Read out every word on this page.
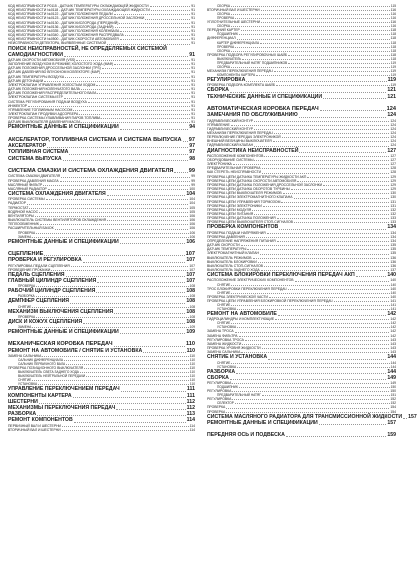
КОД НЕИСПРАВНОСТИ P0115 - ДАТЧИК ТЕМПЕРАТУРЫ ОХЛАЖДАЮЩЕЙ ЖИДКОСТИ	91
КОД НЕИСПРАВНОСТИ №0118 - ДАТЧИК ТЕМПЕРАТУРЫ ОХЛАЖДАЮЩЕЙ ЖИДКОСТИ	91
КОД НЕИСПРАВНОСТИ №0122 - ДАТЧИК ПОЛОЖЕНИЯ ПЕДАЛИ	91
КОД НЕИСПРАВНОСТИ №0123 - ДАТЧИК ПОЛОЖЕНИЯ ДРОССЕЛЬНОЙ ЗАСЛОНКИ	91
КОД НЕИСПРАВНОСТИ №0130 - ДАТЧИК КИСЛОРОДА (ПЕРЕДНИЙ)	91
КОД НЕИСПРАВНОСТИ №0136 - ДАТЧИК КИСЛОРОДА (ЗАДНИЙ)	91
КОД НЕИСПРАВНОСТИ №0335 - ДАТЧИК ПОЛОЖЕНИЯ КОЛЕНВАЛА	91
КОД НЕИСПРАВНОСТИ №0340 - ДАТЧИК ПОЛОЖЕНИЯ РАСПРЕДВАЛА	91
КОД НЕИСПРАВНОСТИ №0500 - ДАТЧИК СКОРОСТИ АВТОМОБИЛЯ	91
НЕИСПРАВНОСТИ ДЕТЕКТОРА, ВЫЯВЛЕННЫЕ СИСТЕМОЙ	91
ПОИСК НЕИСПРАВНОСТЕЙ, НЕ ОПРЕДЕЛЯЕМЫХ СИСТЕМОЙ
САМОДИАГНОСТИКИ	91
ДАТЧИК СКОРОСТИ АВТОМОБИЛЯ (VSS)	91
ЗАПОЛНЕНИЕ ВОЗДУХОМ В РЕЖИМЕ ХОЛОСТОГО ХОДА (МАФ)	91
ДАТЧИК ПОЛОЖЕНИЯ ДРОССЕЛЬНОЙ ЗАСЛОНКИ (TPS)	91
ДАТЧИК ДАВЛЕНИЯ ВО ВПУСКНОМ КОЛЛЕКТОРЕ (MAP)	91
ДАТЧИК ТЕМПЕРАТУРЫ ВОЗДУХА	91
ДАТЧИК ДЕТОНАЦИИ	91
ЭЛЕКТРОКЛАПАН УПРАВЛЕНИЯ ХОЛОСТЫМ ХОДОМ	91
ДАТЧИК ПОЛОЖЕНИЯ КОЛЕНЧАТОГО ВАЛА	91
ДАТЧИК ПОЛОЖЕНИЯ РАСПРЕДЕЛИТЕЛЬНОГО ВАЛА	91
ЭЛЕКТРОКЛАПАН СИСТЕМЫ ЕГР	91
СИСТЕМА РЕГУЛИРОВАНИЯ ПОДАЧИ ВОЗДУХА	91
ИНЖЕКТОР	91
УПРАВЛЕНИЕ ТОПЛИВНЫМ НАСОСОМ	91
ЭЛЕКТРОКЛАПАН ПРОДУВКИ АДСОРБЕРА	91
ПРОВЕРКА СИСТЕМЫ УЛАВЛИВАНИЯ ПАРОВ ТОПЛИВА	91
ДАТЧИК ВЫКЛЮЧАТЕЛЯ ДАВЛЕНИЯ МАСЛА	91
РЕМОНТНЫЕ ДАННЫЕ И СПЕЦИФИКАЦИИ	94
АКСЕЛЕРАТОР, ТОПЛИВНАЯ СИСТЕМА И СИСТЕМА ВЫПУСКА 97
АКСЕЛЕРАТОР	97
ТОПЛИВНАЯ СИСТЕМА	97
СИСТЕМА ВЫПУСКА	98
СИСТЕМА СМАЗКИ И СИСТЕМА ОХЛАЖДЕНИЯ ДВИГАТЕЛЯ	99
СИСТЕМА СМАЗКИ ДВИГАТЕЛЯ	99
ПРОВЕРКА ДАВЛЕНИЯ МАСЛА	99
МАСЛЯНЫЙ ФИЛЬТР	99
МАСЛЯНЫЙ РАДИАТОР	100
СИСТЕМА ОХЛАЖДЕНИЯ ДВИГАТЕЛЯ	104
ПРОВЕРКА СИСТЕМЫ	104
РАДИАТОР	104
ТЕРМОСТАТ	105
ВОДЯНОЙ НАСОС	105
ВЕНТИЛЯТОРЫ	106
ВЫКЛЮЧАТЕЛЬ СИСТЕМЫ ВЕНТИЛЯТОРОВ ОХЛАЖДЕНИЯ	106
ТЕПЛООБМЕННИК	106
РАСШИРИТЕЛЬНЫЙ БАЧОК	106
ПРОВЕРКА	106
ЗАМЕНА	106
РЕМОНТНЫЕ ДАННЫЕ И СПЕЦИФИКАЦИИ	106
СЦЕПЛЕНИЕ	107
ПРОВЕРКА И РЕГУЛИРОВКА	107
РЕГУЛИРОВКА ПЕДАЛИ СЦЕПЛЕНИЯ	107
ПРОВЕДЕНИЕ ПРОКАЧКИ	107
ПЕДАЛЬ СЦЕПЛЕНИЯ	107
ГЛАВНЫЙ ЦИЛИНДР СЦЕПЛЕНИЯ	107
ПРОВЕРКА	108
РАБОЧИЙ ЦИЛИНДР СЦЕПЛЕНИЯ	108
РАЗБОРКА	108
ДЕМПФЕР СЦЕПЛЕНИЯ	108
СНЯТИЕ	108
МЕХАНИЗМ ВЫКЛЮЧЕНИЯ СЦЕПЛЕНИЯ	108
ПРОВЕРКА	108
ДИСК И КОЖУХ СЦЕПЛЕНИЯ	108
ЗАМЕНА	109
РЕМОНТНЫЕ ДАННЫЕ И СПЕЦИФИКАЦИИ	109
МЕХАНИЧЕСКАЯ КОРОБКА ПЕРЕДАЧ	110
РЕМОНТ НА АВТОМОБИЛЕ / СНЯТИЕ И УСТАНОВКА	110
ЗАМЕНА САЛЬНИКА	110
САЛЬНИК ДИФФЕРЕНЦИАЛА	110
САЛЬНИК ПЕРВИЧНОГО ВАЛА	110
ПРОВЕРКА ПОЗИЦИОННОГО ВЫКЛЮЧАТЕЛЯ	110
ВЫКЛЮЧАТЕЛЬ СВЕТА ЗАДНЕГО ХОДА	110
ВЫКЛЮЧАТЕЛЬ НЕЙТРАЛЬНОЙ ПЕРЕДАЧИ	110
СНЯТИЕ	110
УСТАНОВКА	110
УПРАВЛЕНИЕ ПЕРЕКЛЮЧЕНИЕМ ПЕРЕДАЧ	111
КОМПОНЕНТЫ КАРТЕРА	111
ШЕСТЕРНИ	112
МЕХАНИЗМЫ ПЕРЕКЛЮЧЕНИЯ ПЕРЕДАЧ	112
РАЗБОРКА	113
РЕМОНТ КОМПОНЕНТОВ	114
ПЕРВИЧНЫЙ ВАЛ И ШЕСТЕРНИ	114
ВТОРИЧНЫЙ ВАЛ И ШЕСТЕРНИ	114
СБОРКА	115
ВТОРИЧНЫЙ ВАЛ И ШЕСТЕРНИ	116
СБОРКА	116
ПРОВЕРКА	116
УПЛОТНИТЕЛЬНЫЕ ШЕСТЕРНИ	116
СБОРКА	116
ПЕРЕДНИЙ КАРТЕР	118
ПОДШИПНИК	118
ДИФФЕРЕНЦИАЛ	118
КАРТЕР ДИФФЕРЕНЦИАЛА	118
ПРОВЕРКА	118
СБОРКА	118
ПРОВЕРКА ПОДБОРА РЕГУЛИРОВОЧНЫХ ШАЙБ	118
ВЫКЛЮЧАТЕЛЬ	118
ПРЕДВАРИТЕЛЬНЫЙ НАТЯГ ПОДШИПНИКОВ	119
СБОРКА	119
МЕХАНИЗМ ПЕРЕКЛЮЧЕНИЯ ПЕРЕДАЧ	119
КОМПОНЕНТЫ КАРТЕРА	119
РЕГУЛИРОВКА	119
ПРОВЕРКА ПОДБОРА КОМПЛЕКТА ШАЙБ	119
СБОРКА	121
ТЕХНИЧЕСКИЕ ДАННЫЕ И СПЕЦИФИКАЦИИ	121
АВТОМАТИЧЕСКАЯ КОРОБКА ПЕРЕДАЧ	124
ЗАМЕЧАНИЯ ПО ОБСЛУЖИВАНИЮ	124
ГИДРАВЛИЧЕСКИЙ КОНТУР	124
УПРАВЛЕНИЕ	124
ГИДРАВЛИЧЕСКИЙ КОНТУР	124
МЕХАНИЗМ ПЕРЕКЛЮЧЕНИЯ ПЕРЕДАЧ	124
ПЕРЕКЛЮЧЕНИЕ ПЕРЕДАЧ ЭЛЕКТРОНИКОЙ	124
ВНЕШНИЙ ВЕЛИЧИНЫ ВЫКЛЮЧАТЕЛЯ	124
ГИДРАВЛИЧЕСКИЙ КЛАПАН	124
ДИАГНОСТИКА НЕИСПРАВНОСТЕЙ	127
РАСПОЛОЖЕНИЕ КОМПОНЕНТОВ	127
ОБОРУДОВАНИЕ СИСТЕМЫ	127
ЭЛЕКТРОНИКА	127
ПРЕДВАРИТЕЛЬНАЯ ПРОВЕРКА	128
КАК СТЕРЕТЬ НЕИСПРАВНОСТИ	128
ПРОВЕРКА ЦЕПИ ДАТЧИКА ТЕМПЕРАТУРЫ ЖИДКОСТИ АКП	129
ПРОВЕРКА ЦЕПИ ДАТЧИКА СКОРОСТИ АВТОМОБИЛЯ	129
ПРОВЕРКА ЦЕПИ ДАТЧИКА ПОЛОЖЕНИЯ ДРОССЕЛЬНОЙ ЗАСЛОНКИ	129
ПРОВЕРКА ЦЕПИ ДАТЧИКА ОБОРОТОВ ТУРБИНЫ	129
ПРОВЕРКА ЦЕПИ ВЫКЛЮЧАТЕЛЯ РЕЖИМОВ	130
ПРОВЕРКА ЦЕПИ ЭЛЕКТРОМАГНИТНОГО КЛАПАНА	130
ПРОВЕРКА ЦЕПИ УПРАВЛЕНИЯ ТОРМОЗОМ	131
ПРОВЕРКА ЦЕПИ ЭЛЕКТРОНИКИ	131
ПРОВЕРКА ЦЕПИ МОДУЛЯ	132
ПРОВЕРКА ЦЕПИ ПИТАНИЯ	132
ПРОВЕРКА ЦЕПИ ДАТЧИКА ПОЛОЖЕНИЯ	133
ПРОВЕРКА ЦЕПИ ВЫКЛЮЧАТЕЛЯ СТОП-СИГНАЛОВ	133
ПРОВЕРКА КОМПОНЕНТОВ	134
ПРОВЕРКА ПОДАЧИ НАПРЯЖЕНИЯ	134
ПРОВЕРКА ДАВЛЕНИЯ	134
ОПРЕДЕЛЕНИЕ НАПРЯЖЕНИЯ ПИТАНИЯ	134
ДАТЧИК СКОРОСТИ	135
ДАТЧИК ТЕМПЕРАТУРЫ	135
ЭЛЕКТРОМАГНИТНЫЙ КЛАПАН	135
ВЫКЛЮЧАТЕЛЬ РЕЖИМОВ	136
ВЫКЛЮЧАТЕЛЬ БЛОКИРОВКИ	136
ВЫКЛЮЧАТЕЛЬ СТОП-СИГНАЛОВ	136
ВЫКЛЮЧАТЕЛЬ ЗАДНЕГО ХОДА	137
СИСТЕМА БЛОКИРОВКИ ПЕРЕКЛЮЧЕНИЯ ПЕРЕДАЧ АКП	140
РАСПОЛОЖЕНИЕ ЭЛЕКТРИЧЕСКИХ КОМПОНЕНТОВ	140
СНЯТИЕ	140
ТРОС БЛОКИРОВКИ ПЕРЕКЛЮЧЕНИЯ ПЕРЕДАЧ	140
СНЯТИЕ	140
ПРОВЕРКА ЭЛЕКТРИЧЕСКОЙ ЧАСТИ	140
ПРОВЕРКА ЦЕПИ УПРАВЛЕНИЯ БЛОКИРОВКОЙ ПЕРЕКЛЮЧЕНИЯ ПЕРЕДАЧ	141
СНЯТИЕ	141
УСТАНОВКА	141
РЕМОНТ НА АВТОМОБИЛЕ	142
ГИДРОЦИЛИНДРЫ И КОМПЛЕКТУЮЩИЕ	142
СНЯТИЕ	142
УСТАНОВКА	142
ЗАМЕНА ТРОСА	142
ЗАМЕНА ФИЛЬТРА	142
РЕГУЛИРОВКА ТРОСА	143
ЗАМЕНА ЖИДКОСТИ	143
ПРОВЕРКА УРОВНЯ ЖИДКОСТИ	143
ЗАМЕНА САЛЬНИКА	143
СНЯТИЕ И УСТАНОВКА	144
СНЯТИЕ	144
УСТАНОВКА	144
РАЗБОРКА	144
СБОРКА	149
РЕГУЛИРОВКА	149
ПОДШИПНИК	150
РЕГУЛИРОВКА	150
ПРЕДВАРИТЕЛЬНЫЙ НАТЯГ	151
РЕГУЛИРОВКА	152
СЕЛЕКТОР	152
ПРОВЕРКА	154
ПРОВЕРКА	154
СИСТЕМА МАСЛЯНОГО РАДИАТОРА ДЛЯ ТРАНСМИССИОННОЙ ЖИДКОСТИ 157
РЕМОНТНЫЕ ДАННЫЕ И СПЕЦИФИКАЦИИ	157
ПЕРЕДНЯЯ ОСЬ И ПОДВЕСКА	159
